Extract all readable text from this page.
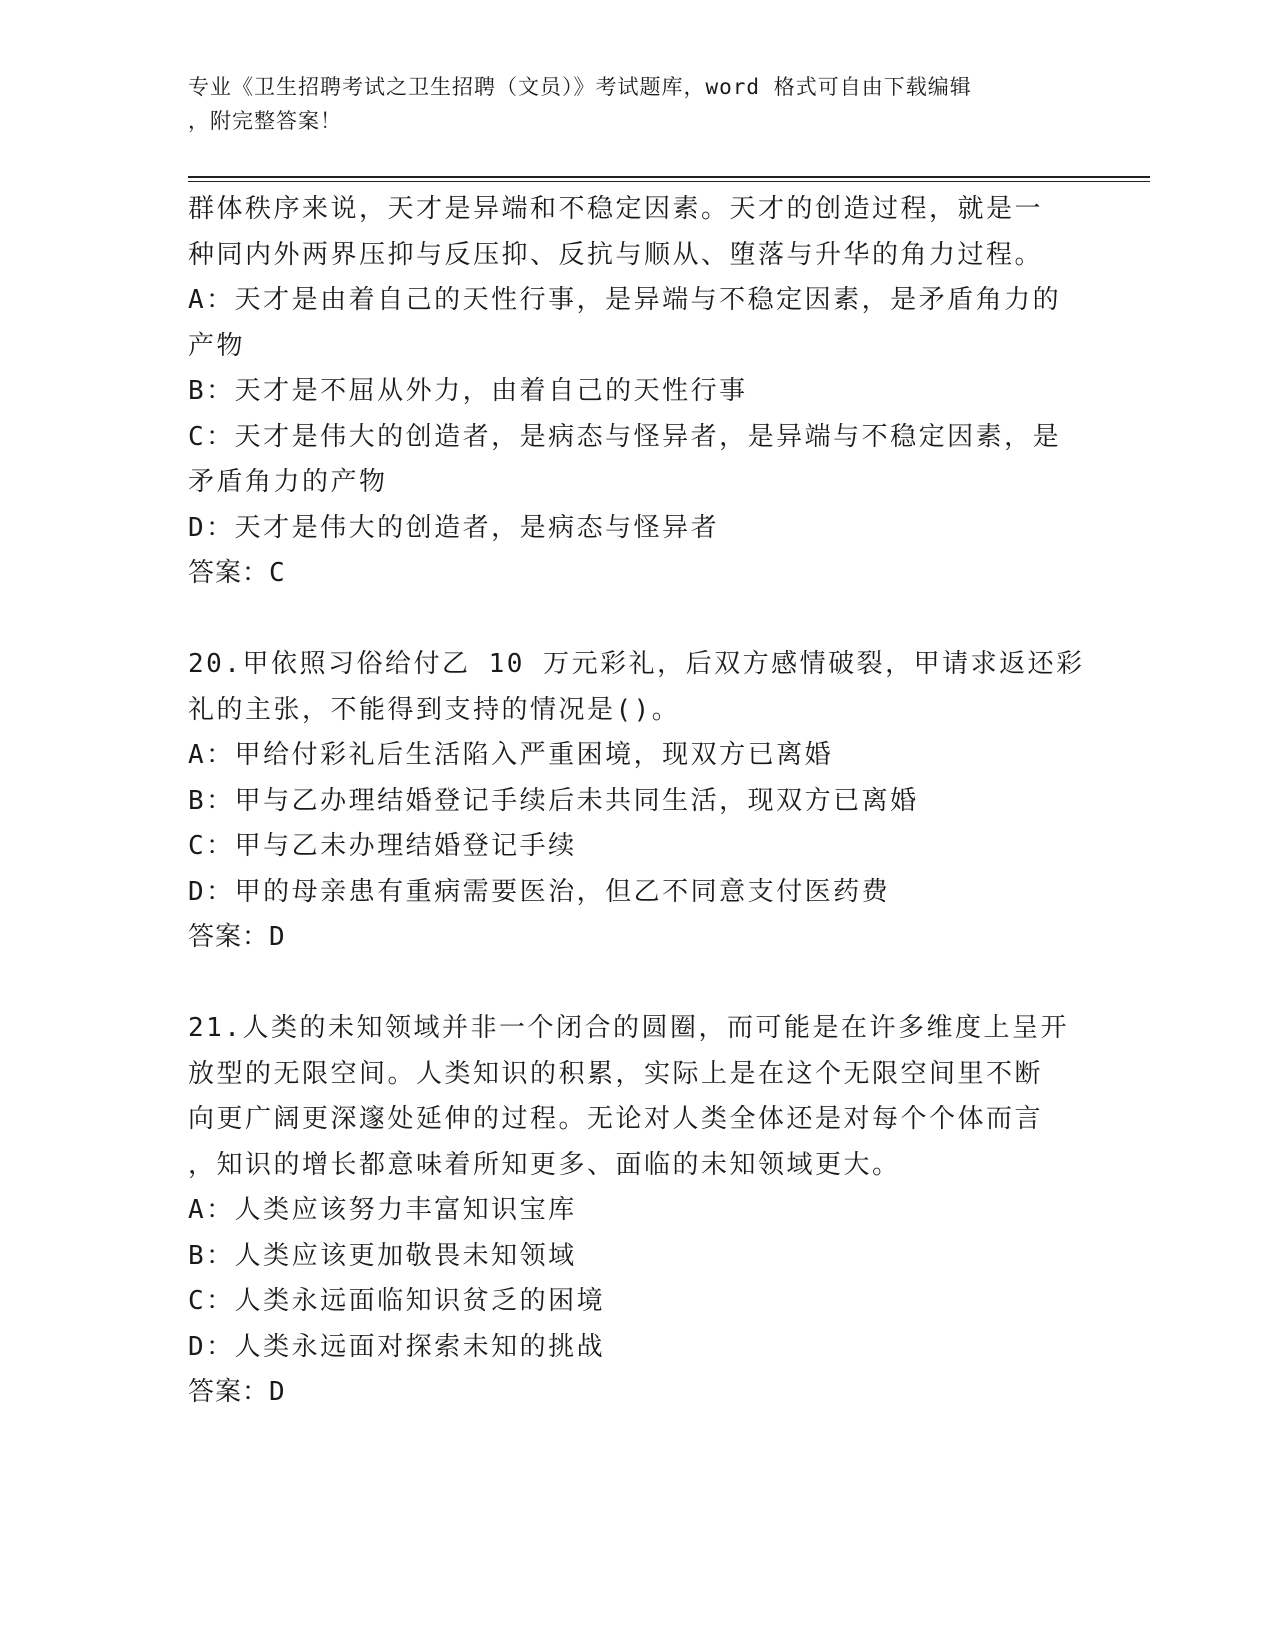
专业《卫生招聘考试之卫生招聘（文员）》考试题库，word 格式可自由下载编辑
，附完整答案！
群体秩序来说，天才是异端和不稳定因素。天才的创造过程，就是一
种同内外两界压抑与反压抑、反抗与顺从、堕落与升华的角力过程。
A：天才是由着自己的天性行事，是异端与不稳定因素，是矛盾角力的
产物
B：天才是不屈从外力，由着自己的天性行事
C：天才是伟大的创造者，是病态与怪异者，是异端与不稳定因素，是
矛盾角力的产物
D：天才是伟大的创造者，是病态与怪异者
答案：C
20.甲依照习俗给付乙 10 万元彩礼，后双方感情破裂，甲请求返还彩
礼的主张，不能得到支持的情况是()。
A：甲给付彩礼后生活陷入严重困境，现双方已离婚
B：甲与乙办理结婚登记手续后未共同生活，现双方已离婚
C：甲与乙未办理结婚登记手续
D：甲的母亲患有重病需要医治，但乙不同意支付医药费
答案：D
21.人类的未知领域并非一个闭合的圆圈，而可能是在许多维度上呈开
放型的无限空间。人类知识的积累，实际上是在这个无限空间里不断
向更广阔更深邃处延伸的过程。无论对人类全体还是对每个个体而言
，知识的增长都意味着所知更多、面临的未知领域更大。
A：人类应该努力丰富知识宝库
B：人类应该更加敬畏未知领域
C：人类永远面临知识贫乏的困境
D：人类永远面对探索未知的挑战
答案：D
